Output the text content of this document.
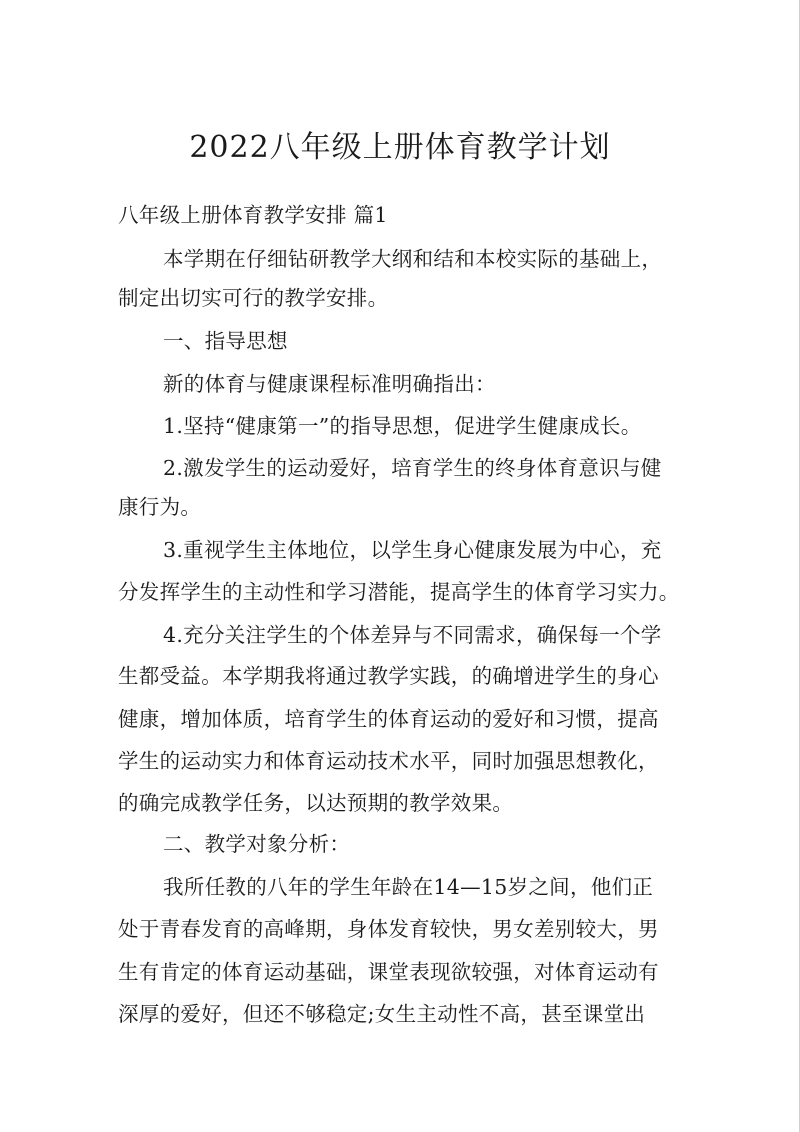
2022八年级上册体育教学计划
八年级上册体育教学安排 篇1
本学期在仔细钻研教学大纲和结和本校实际的基础上，
制定出切实可行的教学安排。
一、指导思想
新的体育与健康课程标准明确指出：
1.坚持“健康第一”的指导思想，促进学生健康成长。
2.激发学生的运动爱好，培育学生的终身体育意识与健
康行为。
3.重视学生主体地位，以学生身心健康发展为中心，充
分发挥学生的主动性和学习潜能，提高学生的体育学习实力。
4.充分关注学生的个体差异与不同需求，确保每一个学
生都受益。本学期我将通过教学实践，的确增进学生的身心
健康，增加体质，培育学生的体育运动的爱好和习惯，提高
学生的运动实力和体育运动技术水平，同时加强思想教化，
的确完成教学任务，以达预期的教学效果。
二、教学对象分析：
我所任教的八年的学生年龄在14—15岁之间，他们正
处于青春发育的高峰期，身体发育较快，男女差别较大，男
生有肯定的体育运动基础，课堂表现欲较强，对体育运动有
深厚的爱好，但还不够稳定;女生主动性不高，甚至课堂出
